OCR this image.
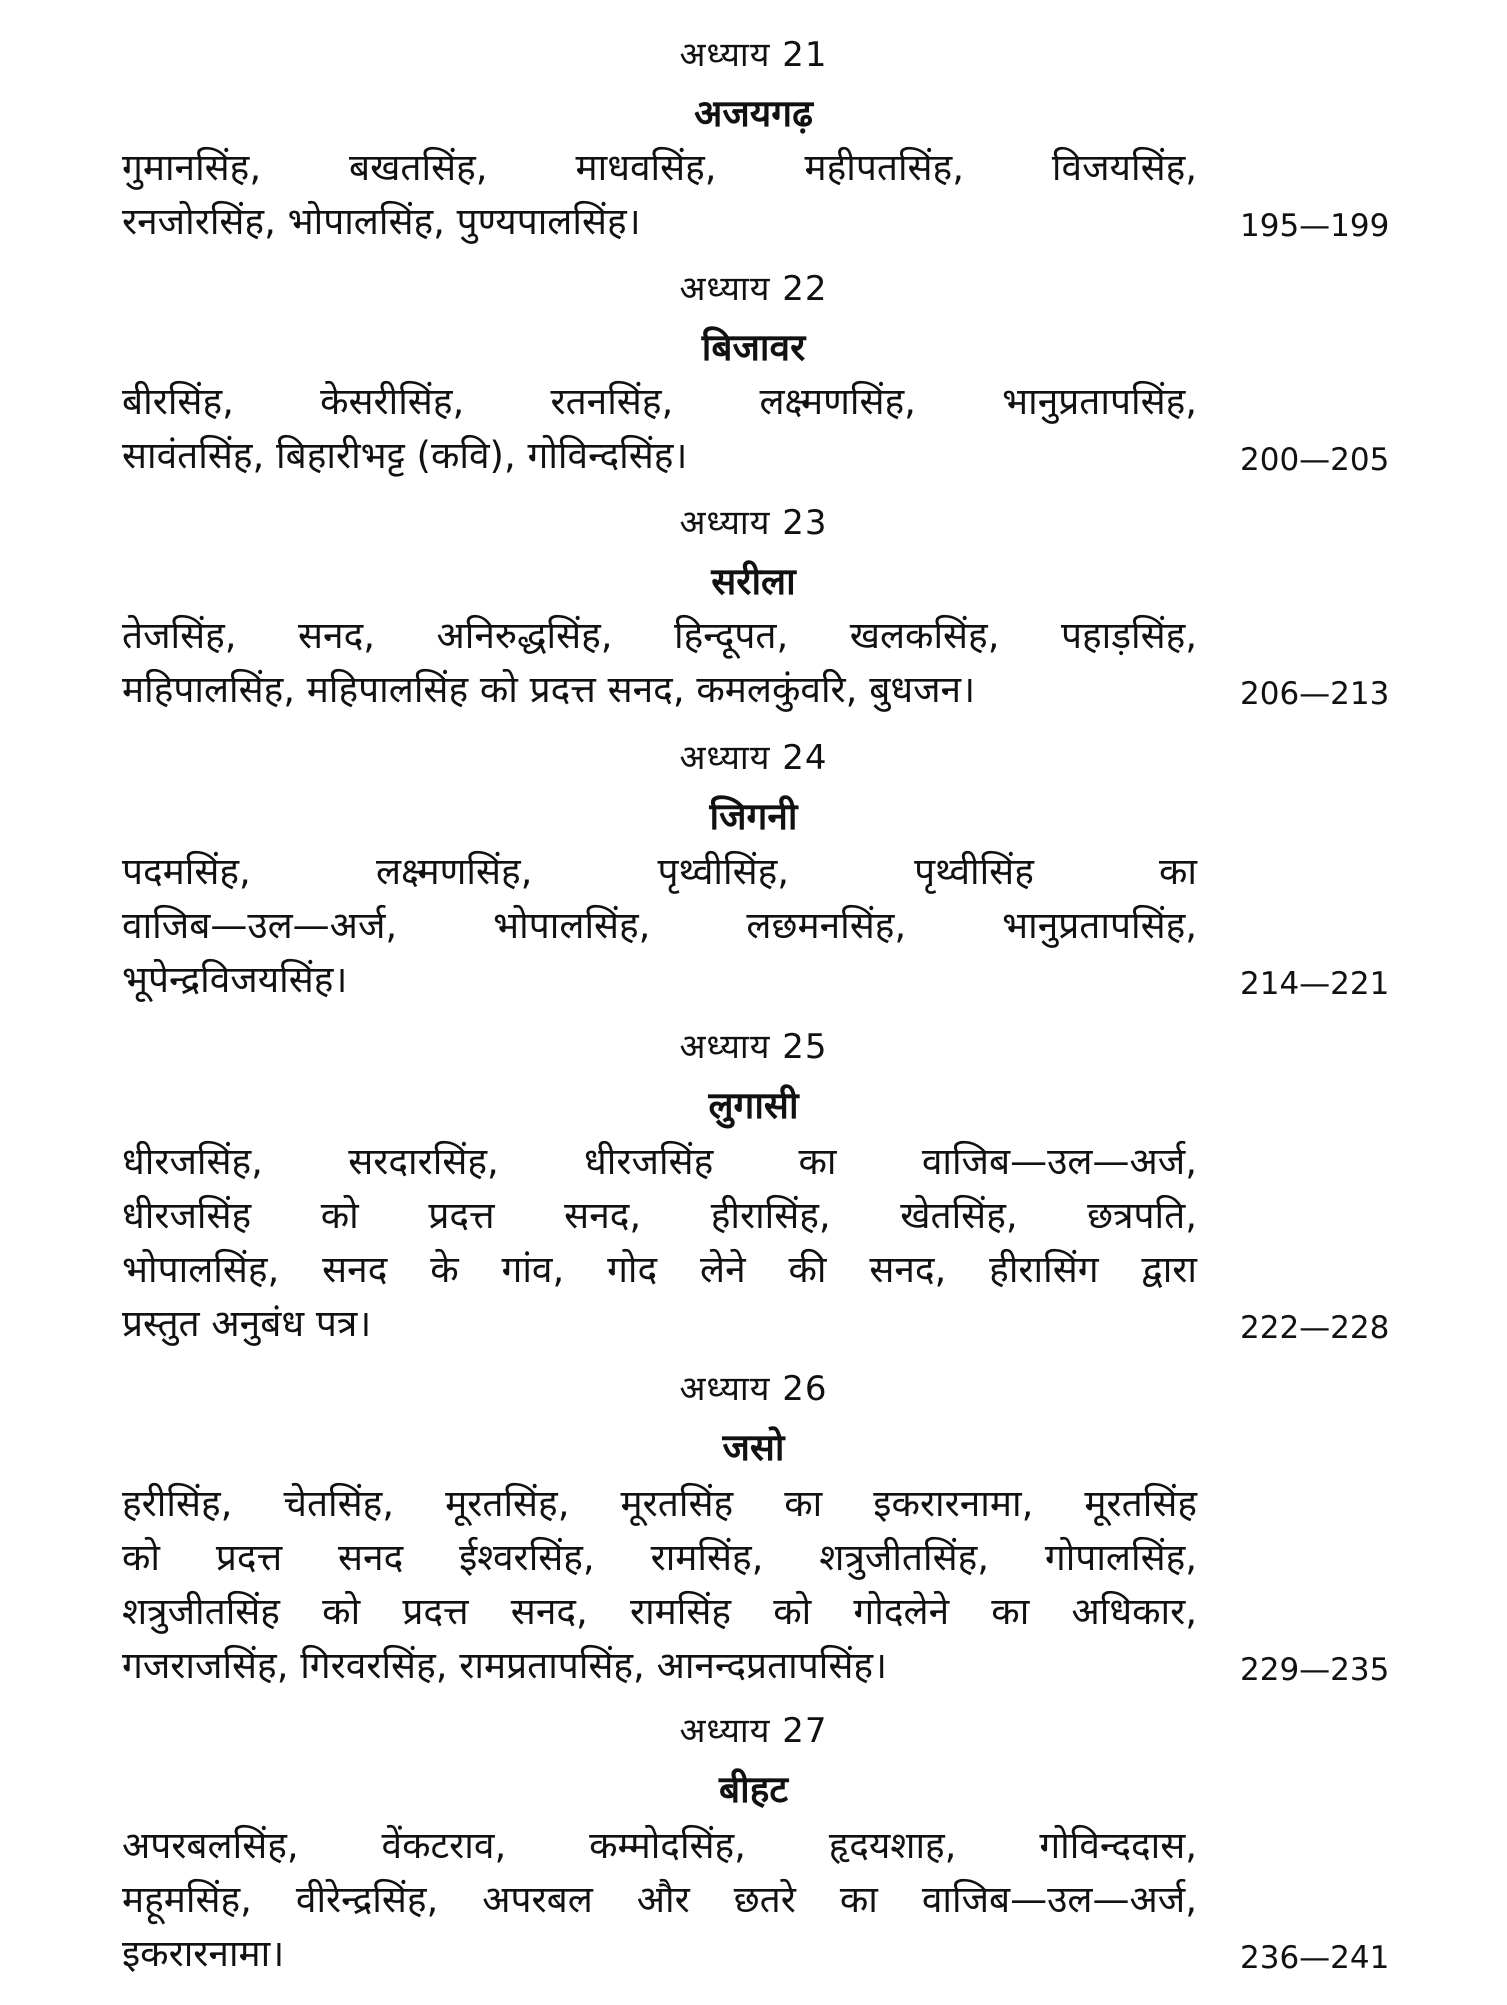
अध्याय 21
अजयगढ़
गुमानसिंह, बखतसिंह, माधवसिंह, महीपतसिंह, विजयसिंह,
रनजोरसिंह, भोपालसिंह, पुण्यपालसिंह।	195—199
अध्याय 22
बिजावर
बीरसिंह, केसरीसिंह, रतनसिंह, लक्ष्मणसिंह, भानुप्रतापसिंह,
सावंतसिंह, बिहारीभट्ट (कवि), गोविन्दसिंह।	200—205
अध्याय 23
सरीला
तेजसिंह, सनद, अनिरुद्धसिंह, हिन्दूपत, खलकसिंह, पहाड़सिंह,
महिपालसिंह, महिपालसिंह को प्रदत्त सनद, कमलकुंवरि, बुधजन।	206—213
अध्याय 24
जिगनी
पदमसिंह, लक्ष्मणसिंह, पृथ्वीसिंह, पृथ्वीसिंह का
वाजिब—उल—अर्ज, भोपालसिंह, लछमनसिंह, भानुप्रतापसिंह,
भूपेन्द्रविजयसिंह।	214—221
अध्याय 25
लुगासी
धीरजसिंह, सरदारसिंह, धीरजसिंह का वाजिब—उल—अर्ज,
धीरजसिंह को प्रदत्त सनद, हीरासिंह, खेतसिंह, छत्रपति,
भोपालसिंह, सनद के गांव, गोद लेने की सनद, हीरासिंग द्वारा
प्रस्तुत अनुबंध पत्र।	222—228
अध्याय 26
जसो
हरीसिंह, चेतसिंह, मूरतसिंह, मूरतसिंह का इकरारनामा, मूरतसिंह
को प्रदत्त सनद ईश्वरसिंह, रामसिंह, शत्रुजीतसिंह, गोपालसिंह,
शत्रुजीतसिंह को प्रदत्त सनद, रामसिंह को गोदलेने का अधिकार,
गजराजसिंह, गिरवरसिंह, रामप्रतापसिंह, आनन्दप्रतापसिंह।	229—235
अध्याय 27
बीहट
अपरबलसिंह, वेंकटराव, कम्मोदसिंह, हृदयशाह, गोविन्ददास,
महूमसिंह, वीरेन्द्रसिंह, अपरबल और छतरे का वाजिब—उल—अर्ज,
इकरारनामा।	236—241
